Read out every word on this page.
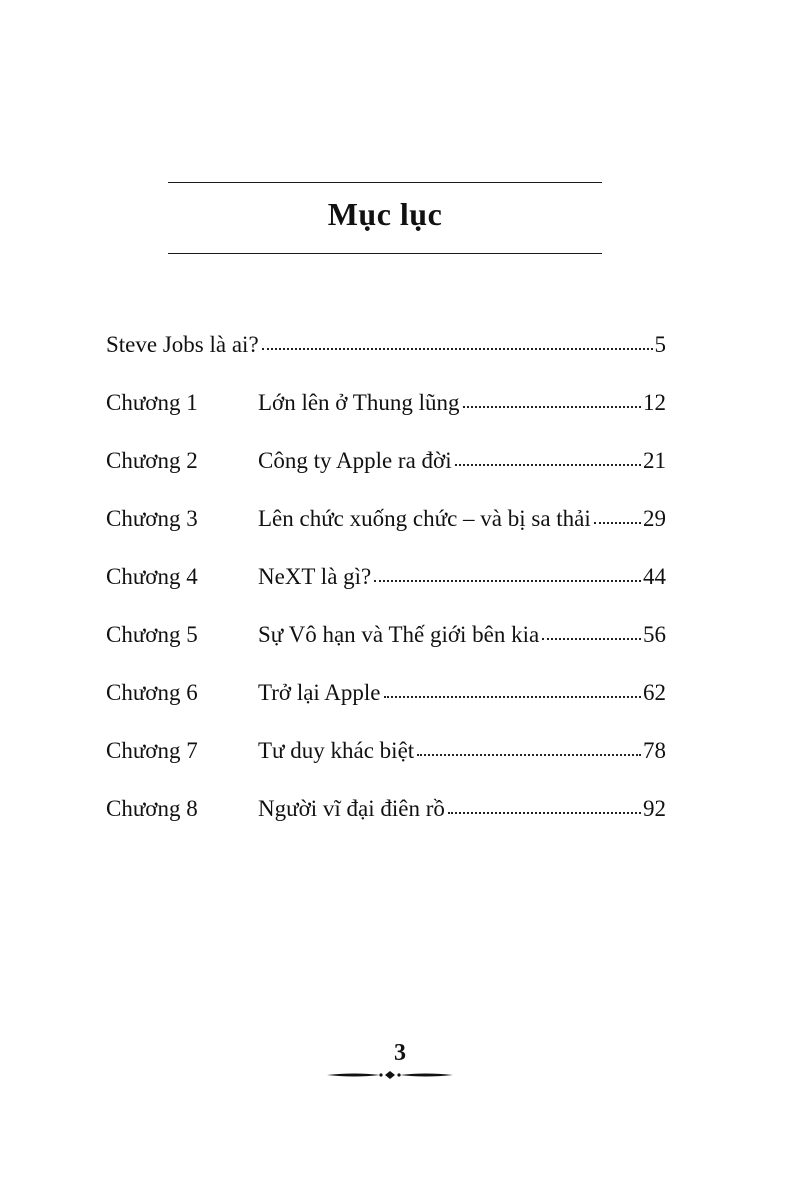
Mục lục
Steve Jobs là ai?	5
Chương 1	Lớn lên ở Thung lũng	12
Chương 2	Công ty Apple ra đời	21
Chương 3	Lên chức xuống chức – và bị sa thải 29
Chương 4	NeXT là gì?	44
Chương 5	Sự Vô hạn và Thế giới bên kia	56
Chương 6	Trở lại Apple	62
Chương 7	Tư duy khác biệt	78
Chương 8	Người vĩ đại điên rồ	92
3
